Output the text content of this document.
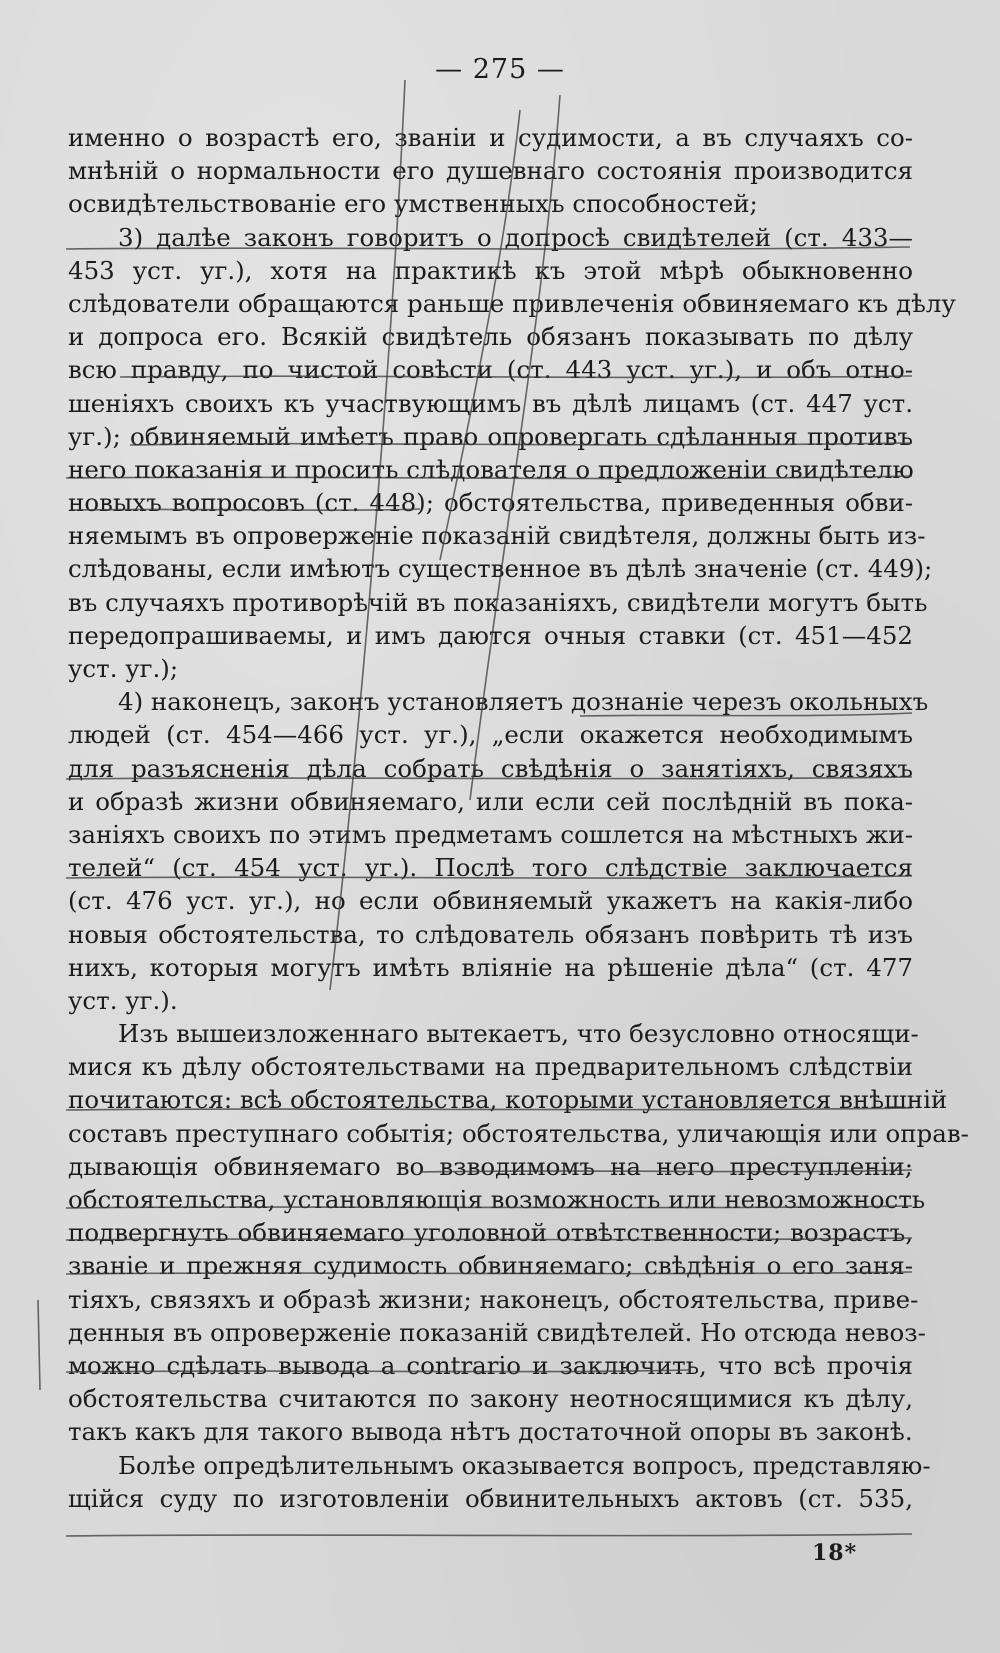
— 275 —
именно о возрастѣ его, званіи и судимости, а въ случаяхъ со-
мнѣній о нормальности его душевнаго состоянія производится
освидѣтельствованіе его умственныхъ способностей;
3) далѣе законъ говоритъ о допросѣ свидѣтелей (ст. 433—
453 уст. уг.), хотя на практикѣ къ этой мѣрѣ обыкновенно
слѣдователи обращаются раньше привлеченія обвиняемаго къ дѣлу
и допроса его. Всякій свидѣтель обязанъ показывать по дѣлу
всю правду, по чистой совѣсти (ст. 443 уст. уг.), и объ отно-
шеніяхъ своихъ къ участвующимъ въ дѣлѣ лицамъ (ст. 447 уст.
уг.); обвиняемый имѣетъ право опровергать сдѣланныя противъ
него показанія и просить слѣдователя о предложеніи свидѣтелю
новыхъ вопросовъ (ст. 448); обстоятельства, приведенныя обви-
няемымъ въ опроверженіе показаній свидѣтеля, должны быть из-
слѣдованы, если имѣютъ существенное въ дѣлѣ значеніе (ст. 449);
въ случаяхъ противорѣчій въ показаніяхъ, свидѣтели могутъ быть
передопрашиваемы, и имъ даются очныя ставки (ст. 451—452
уст. уг.);
4) наконецъ, законъ установляетъ дознаніе черезъ окольныхъ
людей (ст. 454—466 уст. уг.), „если окажется необходимымъ
для разъясненія дѣла собрать свѣдѣнія о занятіяхъ, связяхъ
и образѣ жизни обвиняемаго, или если сей послѣдній въ пока-
заніяхъ своихъ по этимъ предметамъ сошлется на мѣстныхъ жи-
телей“ (ст. 454 уст. уг.). Послѣ того слѣдствіе заключается
(ст. 476 уст. уг.), но если обвиняемый укажетъ на какія-либо
новыя обстоятельства, то слѣдователь обязанъ повѣрить тѣ изъ
нихъ, которыя могутъ имѣть вліяніе на рѣшеніе дѣла“ (ст. 477
уст. уг.).
Изъ вышеизложеннаго вытекаетъ, что безусловно относящи-
мися къ дѣлу обстоятельствами на предварительномъ слѣдствіи
почитаются: всѣ обстоятельства, которыми установляется внѣшній
составъ преступнаго событія; обстоятельства, уличающія или оправ-
дывающія обвиняемаго во взводимомъ на него преступленіи;
обстоятельства, установляющія возможность или невозможность
подвергнуть обвиняемаго уголовной отвѣтственности; возрастъ,
званіе и прежняя судимость обвиняемаго; свѣдѣнія о его заня-
тіяхъ, связяхъ и образѣ жизни; наконецъ, обстоятельства, приве-
денныя въ опроверженіе показаній свидѣтелей. Но отсюда невоз-
можно сдѣлать вывода a contrario и заключить, что всѣ прочія
обстоятельства считаются по закону неотносящимися къ дѣлу,
такъ какъ для такого вывода нѣтъ достаточной опоры въ законѣ.
Болѣе опредѣлительнымъ оказывается вопросъ, представляю-
щійся суду по изготовленіи обвинительныхъ актовъ (ст. 535,
18*
